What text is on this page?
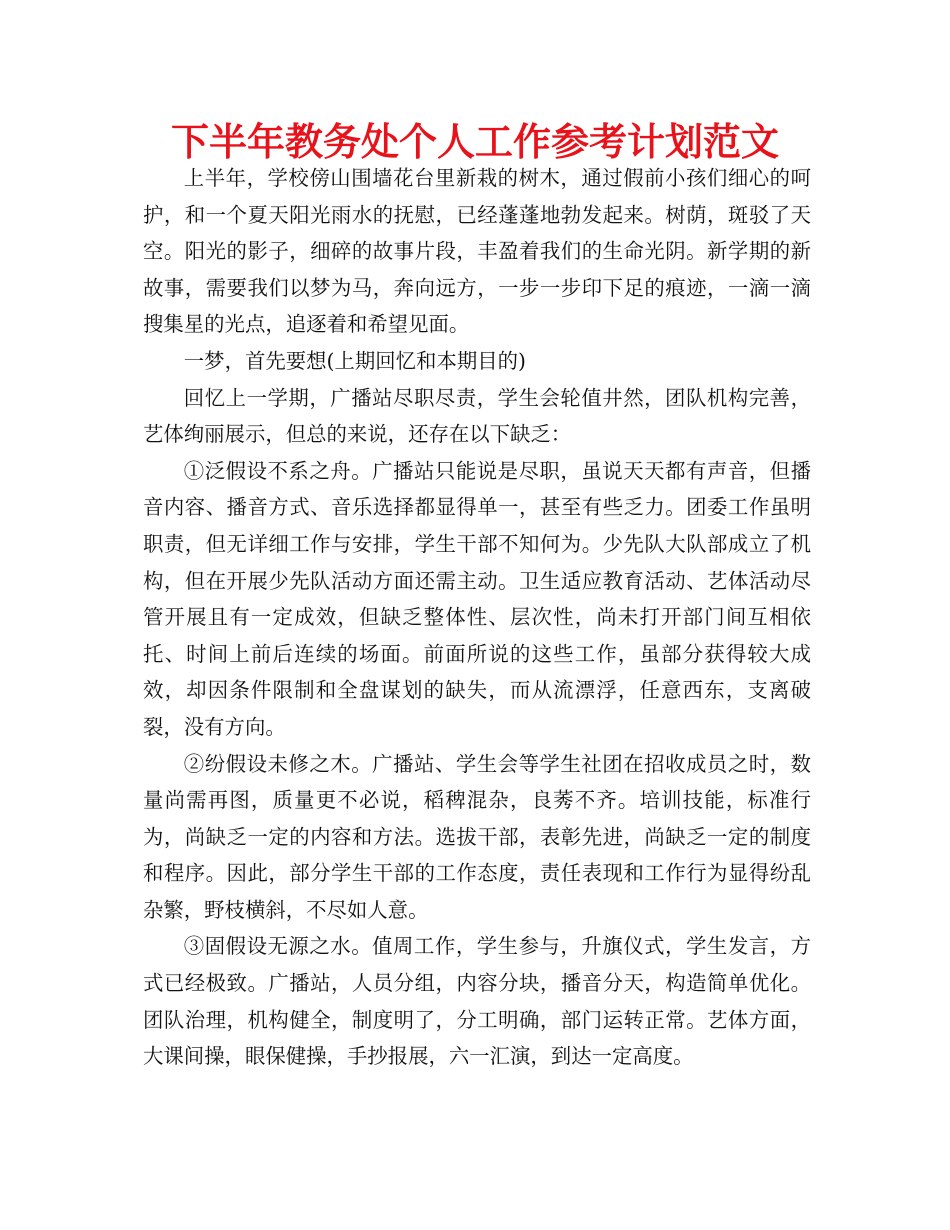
下半年教务处个人工作参考计划范文

上半年，学校傍山围墙花台里新栽的树木，通过假前小孩们细心的呵护，和一个夏天阳光雨水的抚慰，已经蓬蓬地勃发起来。树荫，斑驳了天空。阳光的影子，细碎的故事片段，丰盈着我们的生命光阴。新学期的新故事，需要我们以梦为马，奔向远方，一步一步印下足的痕迹，一滴一滴搜集星的光点，追逐着和希望见面。

一梦，首先要想(上期回忆和本期目的)

回忆上一学期，广播站尽职尽责，学生会轮值井然，团队机构完善，艺体绚丽展示，但总的来说，还存在以下缺乏：

①泛假设不系之舟。广播站只能说是尽职，虽说天天都有声音，但播音内容、播音方式、音乐选择都显得单一，甚至有些乏力。团委工作虽明职责，但无详细工作与安排，学生干部不知何为。少先队大队部成立了机构，但在开展少先队活动方面还需主动。卫生适应教育活动、艺体活动尽管开展且有一定成效，但缺乏整体性、层次性，尚未打开部门间互相依托、时间上前后连续的场面。前面所说的这些工作，虽部分获得较大成效，却因条件限制和全盘谋划的缺失，而从流漂浮，任意西东，支离破裂，没有方向。

②纷假设未修之木。广播站、学生会等学生社团在招收成员之时，数量尚需再图，质量更不必说，稻稗混杂，良莠不齐。培训技能，标准行为，尚缺乏一定的内容和方法。选拔干部，表彰先进，尚缺乏一定的制度和程序。因此，部分学生干部的工作态度，责任表现和工作行为显得纷乱杂繁，野枝横斜，不尽如人意。

③固假设无源之水。值周工作，学生参与，升旗仪式，学生发言，方式已经极致。广播站，人员分组，内容分块，播音分天，构造简单优化。团队治理，机构健全，制度明了，分工明确，部门运转正常。艺体方面，大课间操，眼保健操，手抄报展，六一汇演，到达一定高度。
